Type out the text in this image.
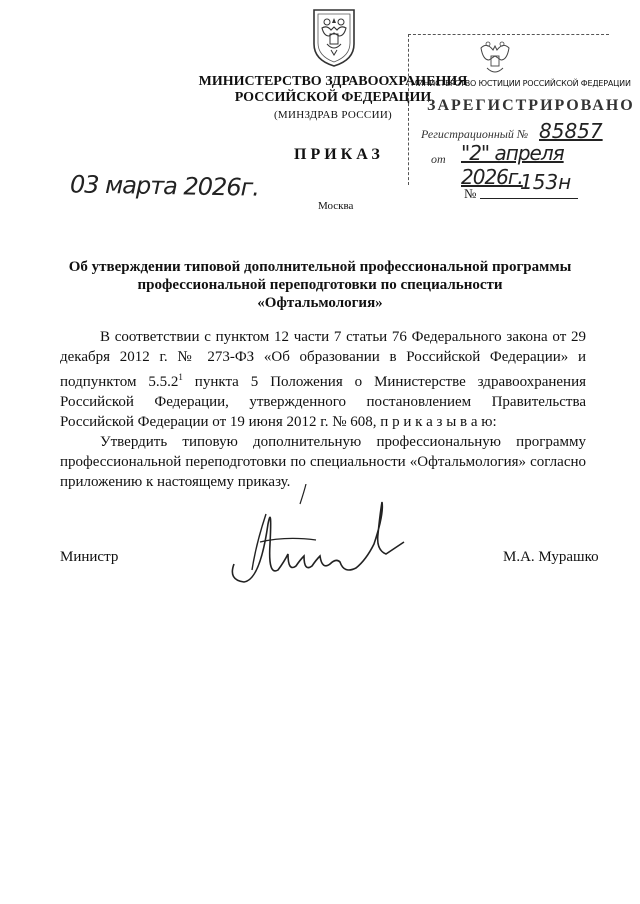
МИНИСТЕРСТВО ЗДРАВООХРАНЕНИЯ
РОССИЙСКОЙ ФЕДЕРАЦИИ
(МИНЗДРАВ РОССИИ)
МИНИСТЕРСТВО ЮСТИЦИИ РОССИЙСКОЙ ФЕДЕРАЦИИ
ЗАРЕГИСТРИРОВАНО
Регистрационный № 85857
от "2" апреля 2026г.
ПРИКАЗ
03 марта 2026г.
Москва
№ 153н
Об утверждении типовой дополнительной профессиональной программы
профессиональной переподготовки по специальности
«Офтальмология»

В соответствии с пунктом 12 части 7 статьи 76 Федерального закона от 29 декабря 2012 г. № 273-ФЗ «Об образовании в Российской Федерации» и подпунктом 5.5.2$^1$ пункта 5 Положения о Министерстве здравоохранения Российской Федерации, утвержденного постановлением Правительства Российской Федерации от 19 июня 2012 г. № 608, п р и к а з ы в а ю:

Утвердить типовую дополнительную профессиональную программу профессиональной переподготовки по специальности «Офтальмология» согласно приложению к настоящему приказу.

Министр	М.А. Мурашко
